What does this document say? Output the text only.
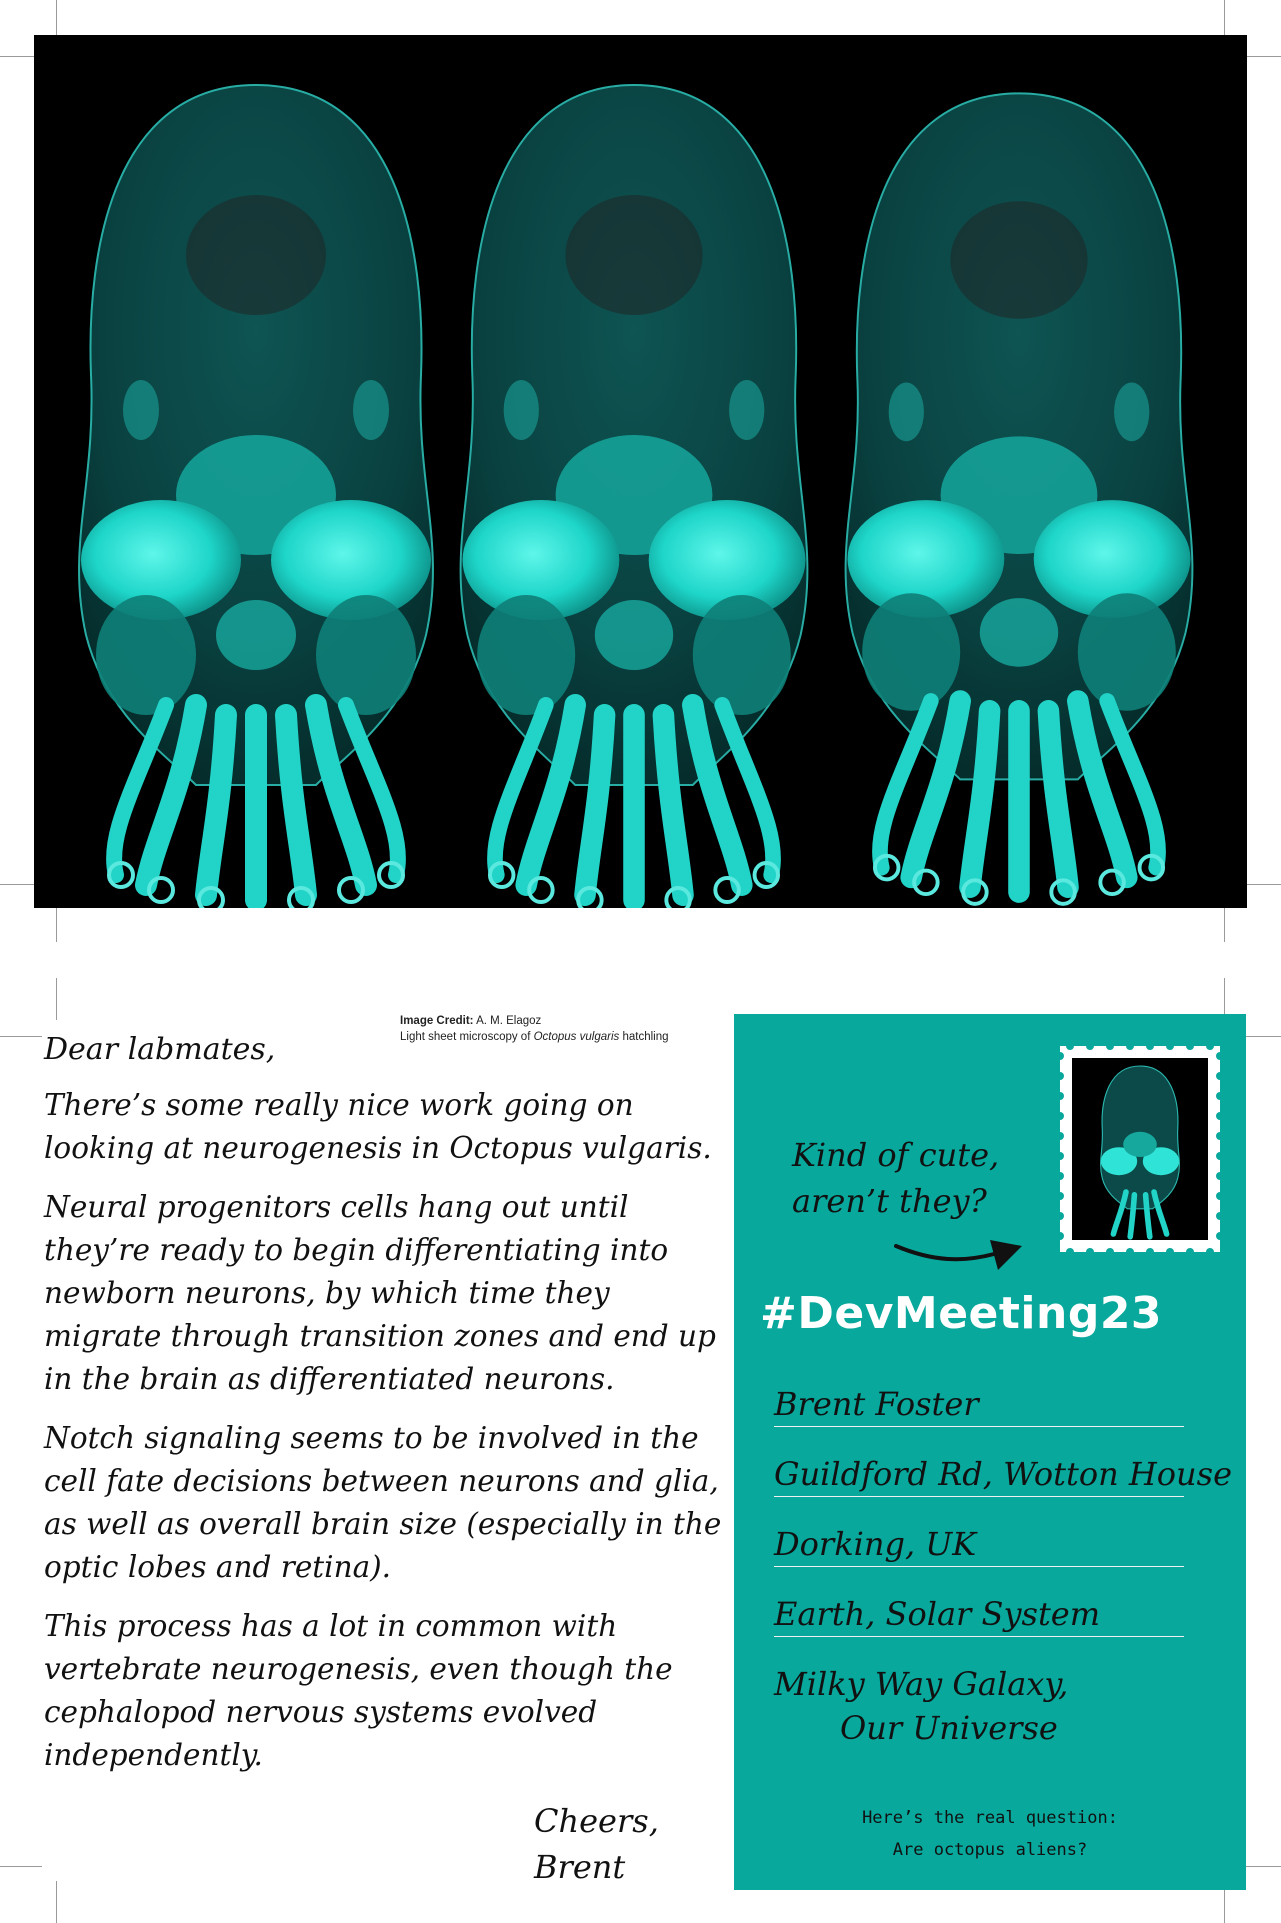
Image Credit: A. M. Elagoz
Light sheet microscopy of Octopus vulgaris hatchling
Dear labmates,

There’s some really nice work going on looking at neurogenesis in Octopus vulgaris.

Neural progenitors cells hang out until they’re ready to begin differentiating into newborn neurons, by which time they migrate through transition zones and end up in the brain as differentiated neurons.

Notch signaling seems to be involved in the cell fate decisions between neurons and glia, as well as overall brain size (especially in the optic lobes and retina).

This process has a lot in common with vertebrate neurogenesis, even though the cephalopod nervous systems evolved independently.

Cheers,
Brent
Kind of cute,
aren’t they?
#DevMeeting23
Brent Foster
Guildford Rd, Wotton House
Dorking, UK
Earth, Solar System
Milky Way Galaxy,
Our Universe
Here’s the real question:
Are octopus aliens?
